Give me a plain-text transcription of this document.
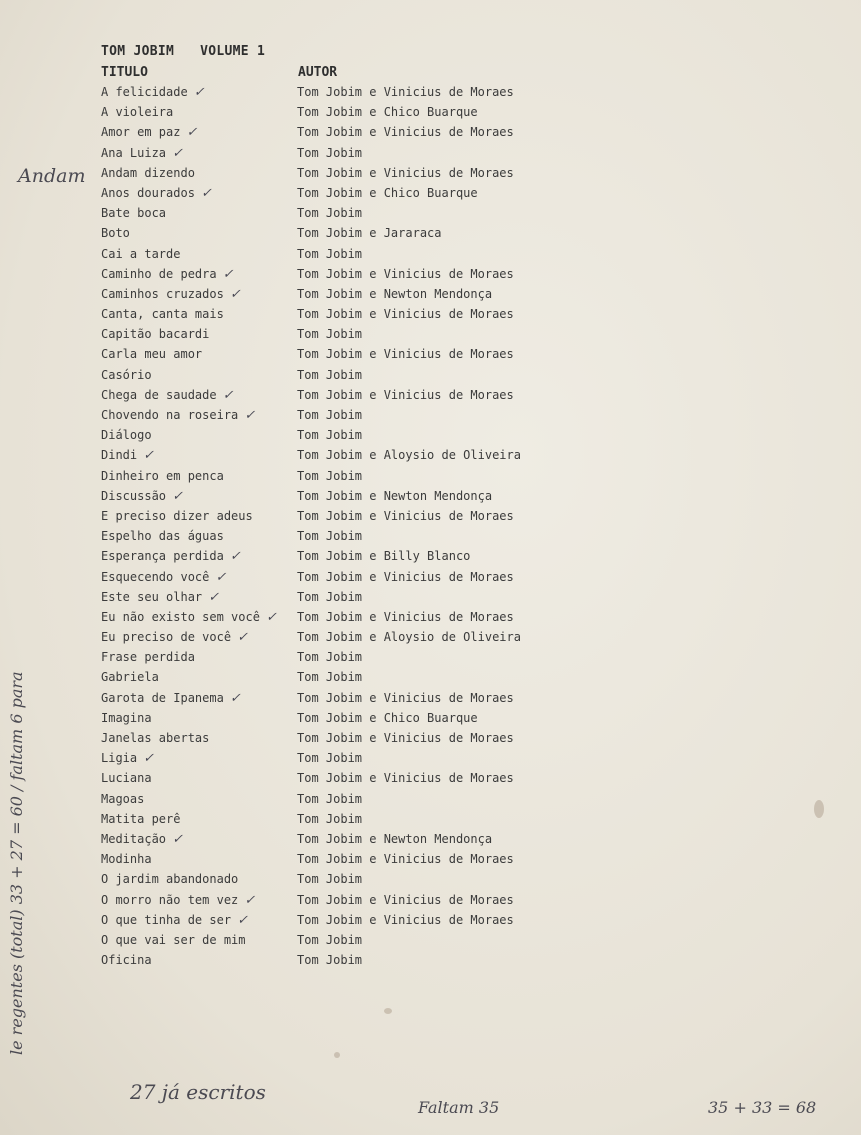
TOM JOBIM VOLUME 1
TITULO	AUTOR
A felicidade	Tom Jobim e Vinicius de Moraes
✓
A violeira	Tom Jobim e Chico Buarque
Amor em paz	Tom Jobim e Vinicius de Moraes
✓
Ana Luiza	Tom Jobim
✓
Andam dizendo	Tom Jobim e Vinicius de Moraes
Anos dourados	Tom Jobim e Chico Buarque
✓
Bate boca	Tom Jobim
Boto	Tom Jobim e Jararaca
Cai a tarde	Tom Jobim
Caminho de pedra	Tom Jobim e Vinicius de Moraes
✓
Caminhos cruzados	Tom Jobim e Newton Mendonça
✓
Canta, canta mais	Tom Jobim e Vinicius de Moraes
Capitão bacardi	Tom Jobim
Carla meu amor	Tom Jobim e Vinicius de Moraes
Casório	Tom Jobim
Chega de saudade	Tom Jobim e Vinicius de Moraes
✓
Chovendo na roseira	Tom Jobim
✓
Diálogo	Tom Jobim
Dindi	Tom Jobim e Aloysio de Oliveira
✓
Dinheiro em penca	Tom Jobim
Discussão	Tom Jobim e Newton Mendonça
✓
E preciso dizer adeus	Tom Jobim e Vinicius de Moraes
Espelho das águas	Tom Jobim
Esperança perdida	Tom Jobim e Billy Blanco
✓
Esquecendo você	Tom Jobim e Vinicius de Moraes
✓
Este seu olhar	Tom Jobim
✓
Eu não existo sem você	Tom Jobim e Vinicius de Moraes
✓
Eu preciso de você	Tom Jobim e Aloysio de Oliveira
✓
Frase perdida	Tom Jobim
Gabriela	Tom Jobim
Garota de Ipanema	Tom Jobim e Vinicius de Moraes
✓
Imagina	Tom Jobim e Chico Buarque
Janelas abertas	Tom Jobim e Vinicius de Moraes
Ligia	Tom Jobim
✓
Luciana	Tom Jobim e Vinicius de Moraes
Magoas	Tom Jobim
Matita perê	Tom Jobim
Meditação	Tom Jobim e Newton Mendonça
✓
Modinha	Tom Jobim e Vinicius de Moraes
O jardim abandonado	Tom Jobim
O morro não tem vez	Tom Jobim e Vinicius de Moraes
✓
O que tinha de ser	Tom Jobim e Vinicius de Moraes
✓
O que vai ser de mim	Tom Jobim
Oficina	Tom Jobim
Andam
le regentes (total) 33 + 27 = 60 / faltam 6 para
27 já escritos
Faltam 35	35 + 33 = 68
